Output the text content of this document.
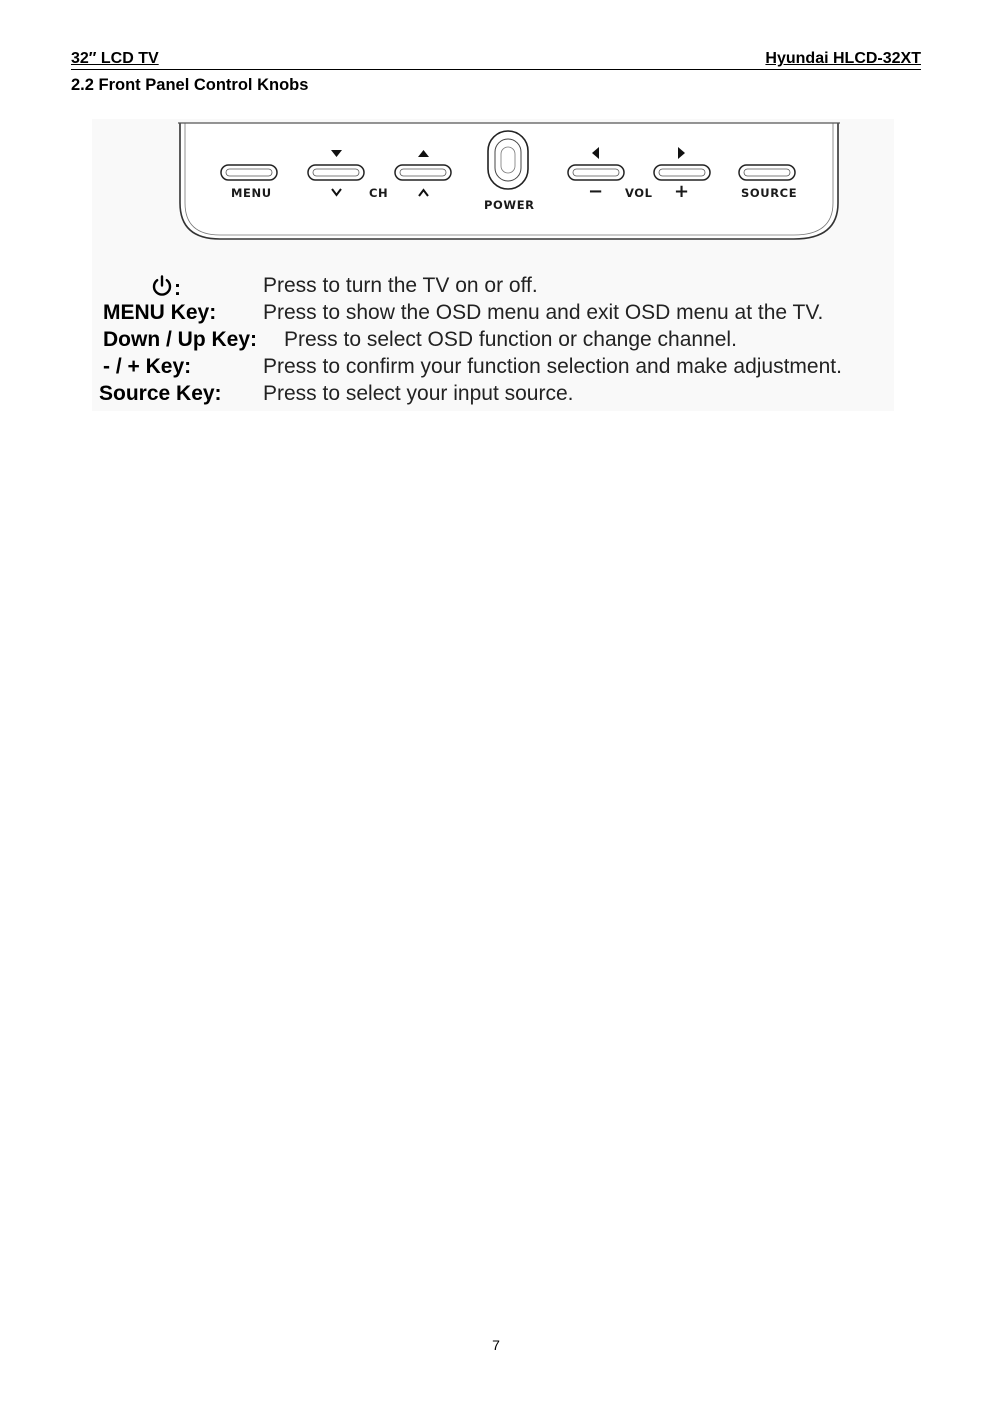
32″ LCD TV	Hyundai HLCD-32XT
2.2 Front Panel Control Knobs
MENU	CH
POWER
− VOL +	SOURCE
:	Press to turn the TV on or off.
MENU Key: Press to show the OSD menu and exit OSD menu at the TV.
Down / Up Key: Press to select OSD function or change channel.
- / + Key:	Press to confirm your function selection and make adjustment.
Source Key: Press to select your input source.
7
